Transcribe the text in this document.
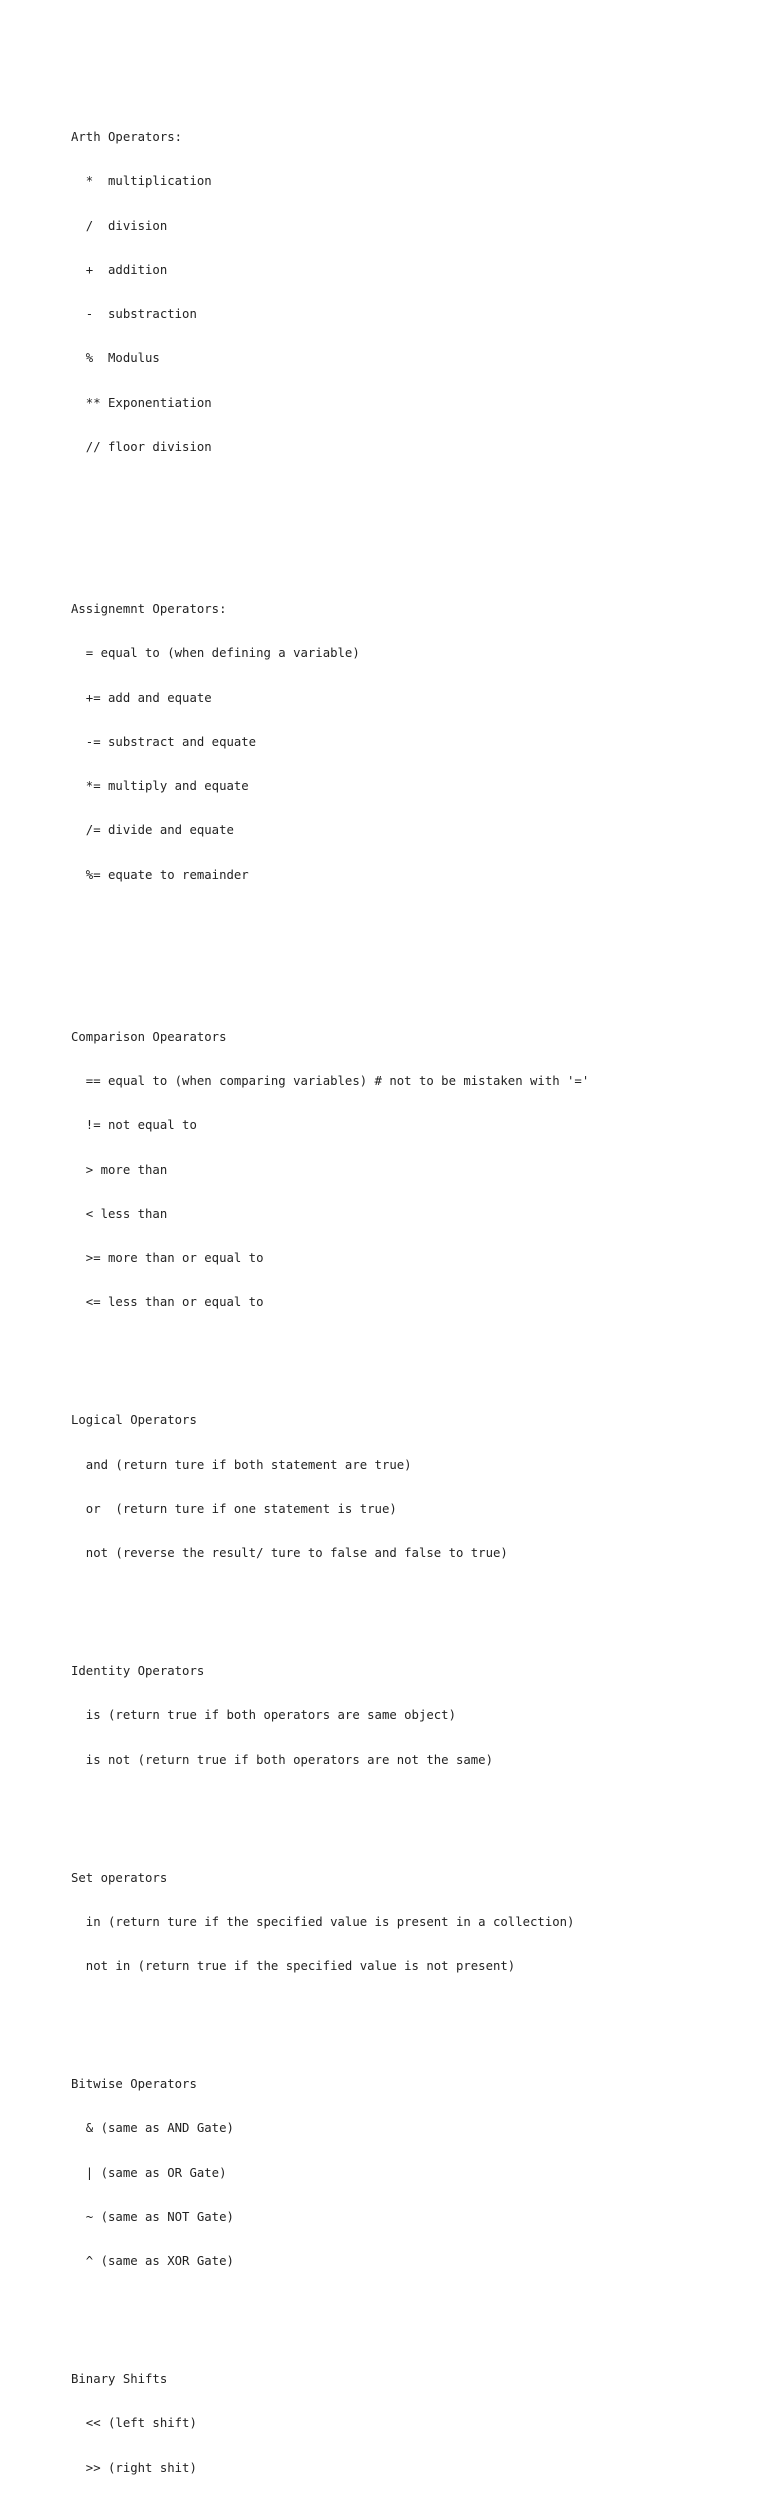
Arth Operators:

*  multiplication

/  division

+  addition

-  substraction

%  Modulus

** Exponentiation

// floor division

Assignemnt Operators:

= equal to (when defining a variable)

+= add and equate

-= substract and equate

*= multiply and equate

/= divide and equate

%= equate to remainder

Comparison Opearators

== equal to (when comparing variables) # not to be mistaken with '='

!= not equal to

> more than

< less than

>= more than or equal to

<= less than or equal to

Logical Operators

and (return ture if both statement are true)

or  (return ture if one statement is true)

not (reverse the result/ ture to false and false to true)

Identity Operators

is (return true if both operators are same object)

is not (return true if both operators are not the same)

Set operators

in (return ture if the specified value is present in a collection)

not in (return true if the specified value is not present)

Bitwise Operators

& (same as AND Gate)

| (same as OR Gate)

~ (same as NOT Gate)

^ (same as XOR Gate)

Binary Shifts

<< (left shift)

>> (right shit)
